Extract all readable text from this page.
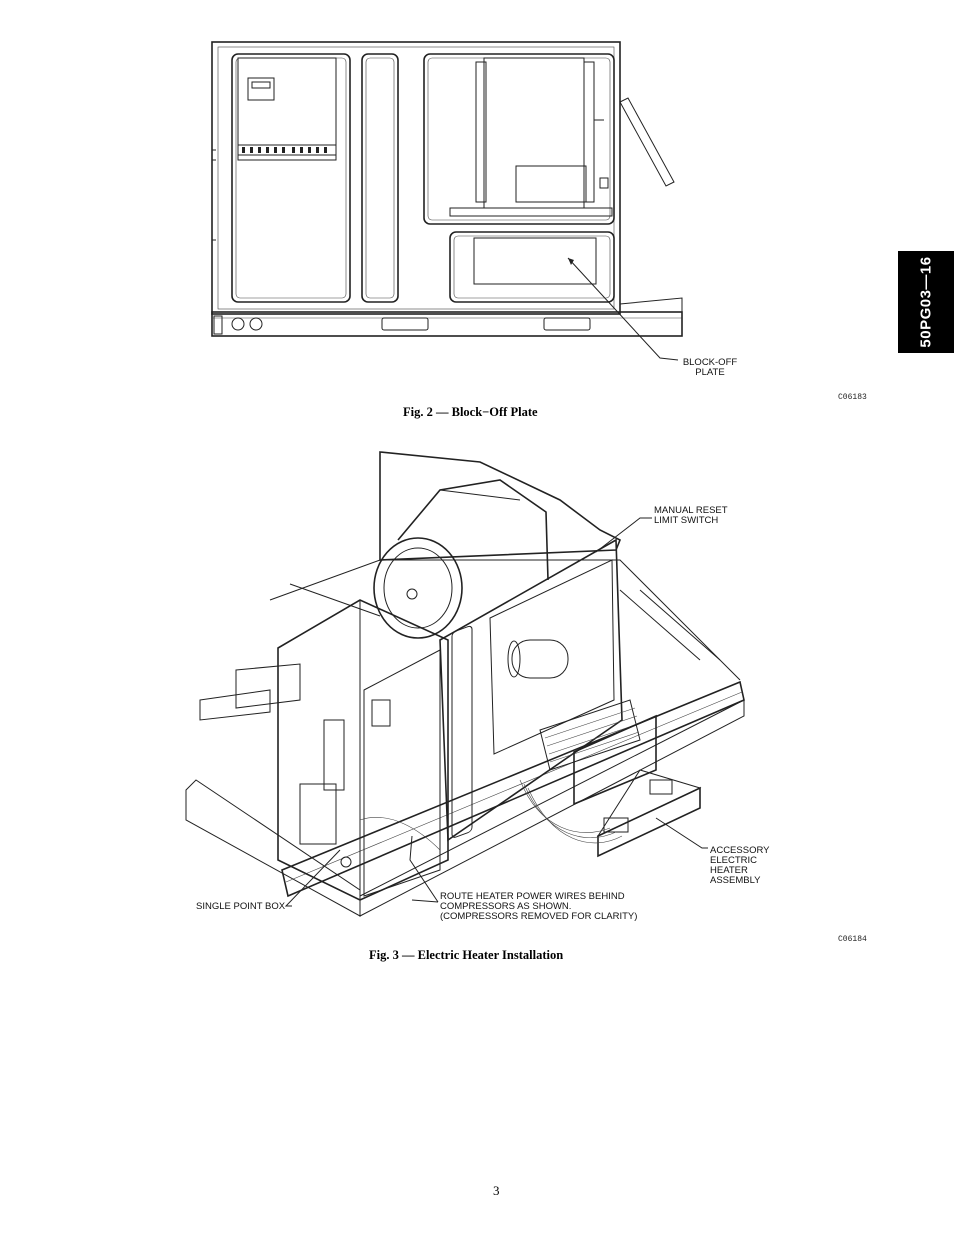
50PG03—16
BLOCK-OFF
PLATE
C06183
Fig. 2 — Block−Off Plate
MANUAL RESET
LIMIT SWITCH
ACCESSORY
ELECTRIC
HEATER
ASSEMBLY
SINGLE POINT BOX
ROUTE HEATER POWER WIRES BEHIND
COMPRESSORS AS SHOWN.
(COMPRESSORS REMOVED FOR CLARITY)
C06184
Fig. 3 — Electric Heater Installation
3
